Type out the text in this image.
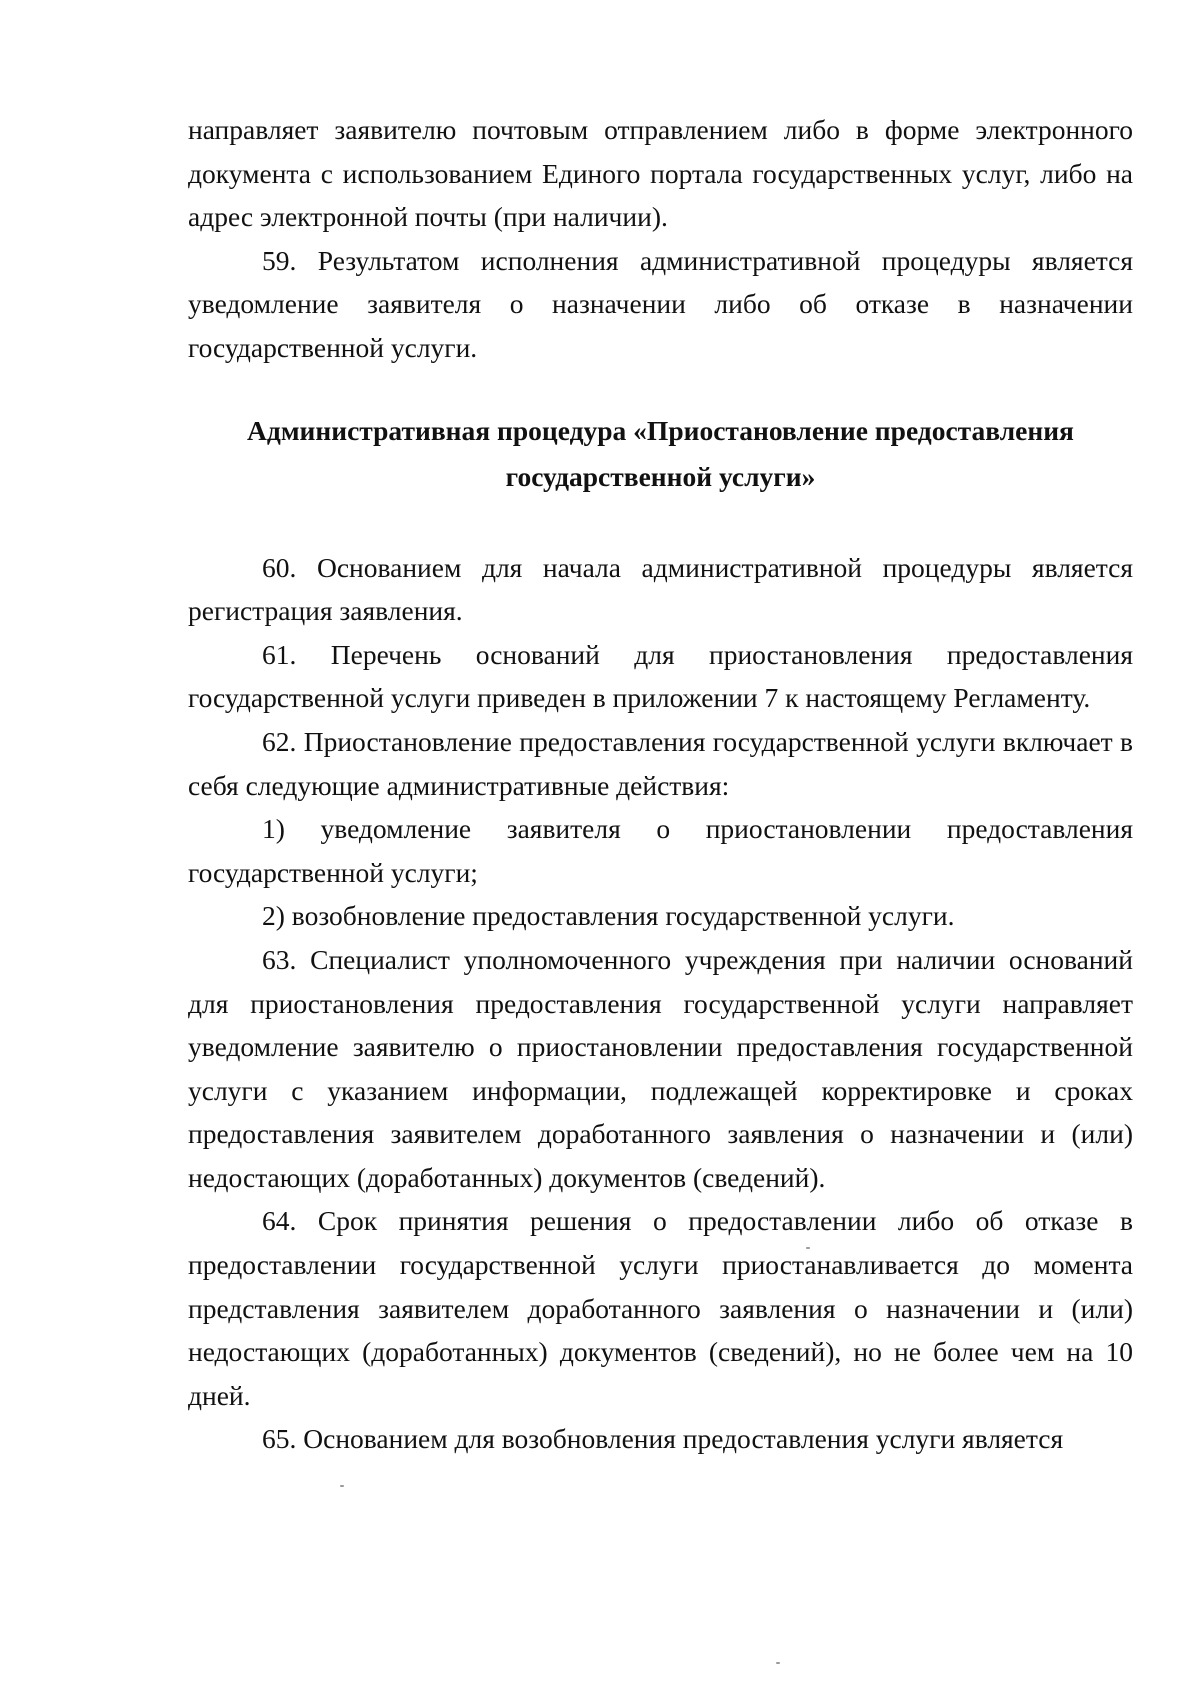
направляет заявителю почтовым отправлением либо в форме электронного документа с использованием Единого портала государственных услуг, либо на адрес электронной почты (при наличии).

59. Результатом исполнения административной процедуры является уведомление заявителя о назначении либо об отказе в назначении государственной услуги.

Административная процедура «Приостановление предоставления
государственной услуги»

60. Основанием для начала административной процедуры является регистрация заявления.

61. Перечень оснований для приостановления предоставления государственной услуги приведен в приложении 7 к настоящему Регламенту.

62. Приостановление предоставления государственной услуги включает в себя следующие административные действия:

1) уведомление заявителя о приостановлении предоставления государственной услуги;

2) возобновление предоставления государственной услуги.

63. Специалист уполномоченного учреждения при наличии оснований для приостановления предоставления государственной услуги направляет уведомление заявителю о приостановлении предоставления государственной услуги с указанием информации, подлежащей корректировке и сроках предоставления заявителем доработанного заявления о назначении и (или) недостающих (доработанных) документов (сведений).

64. Срок принятия решения о предоставлении либо об отказе в предоставлении государственной услуги приостанавливается до момента представления заявителем доработанного заявления о назначении и (или) недостающих (доработанных) документов (сведений), но не более чем на 10 дней.

65. Основанием для возобновления предоставления услуги является
